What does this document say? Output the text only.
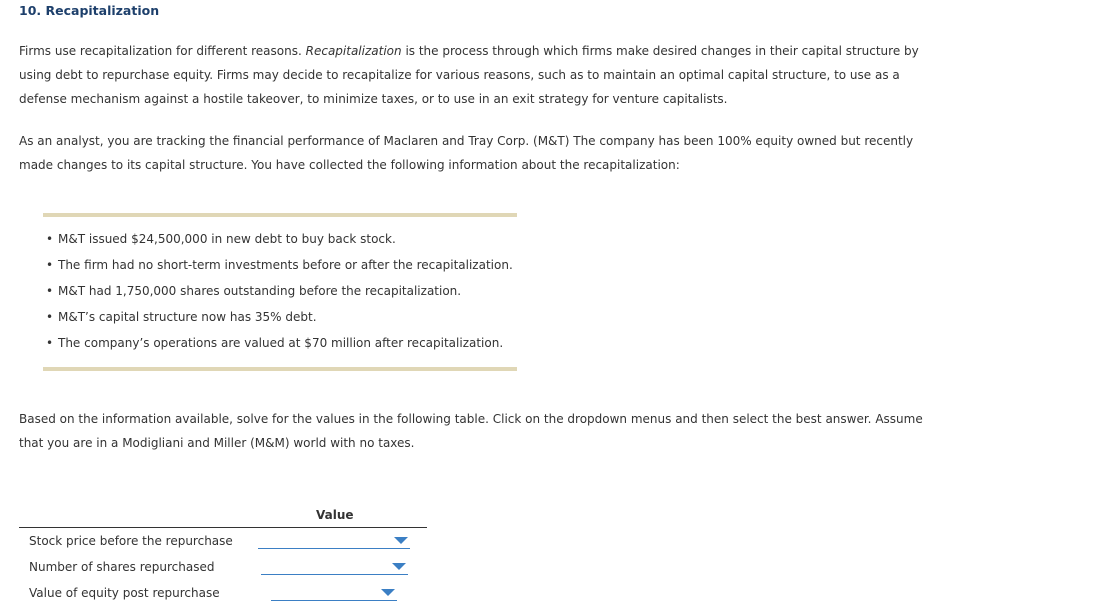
10. Recapitalization

Firms use recapitalization for different reasons. Recapitalization is the process through which firms make desired changes in their capital structure by using debt to repurchase equity. Firms may decide to recapitalize for various reasons, such as to maintain an optimal capital structure, to use as a defense mechanism against a hostile takeover, to minimize taxes, or to use in an exit strategy for venture capitalists.

As an analyst, you are tracking the financial performance of Maclaren and Tray Corp. (M&T) The company has been 100% equity owned but recently made changes to its capital structure. You have collected the following information about the recapitalization:

• M&T issued $24,500,000 in new debt to buy back stock.
• The firm had no short-term investments before or after the recapitalization.
• M&T had 1,750,000 shares outstanding before the recapitalization.
• M&T’s capital structure now has 35% debt.
• The company’s operations are valued at $70 million after recapitalization.

Based on the information available, solve for the values in the following table. Click on the dropdown menus and then select the best answer. Assume that you are in a Modigliani and Miller (M&M) world with no taxes.

Value
Stock price before the repurchase
Number of shares repurchased
Value of equity post repurchase
